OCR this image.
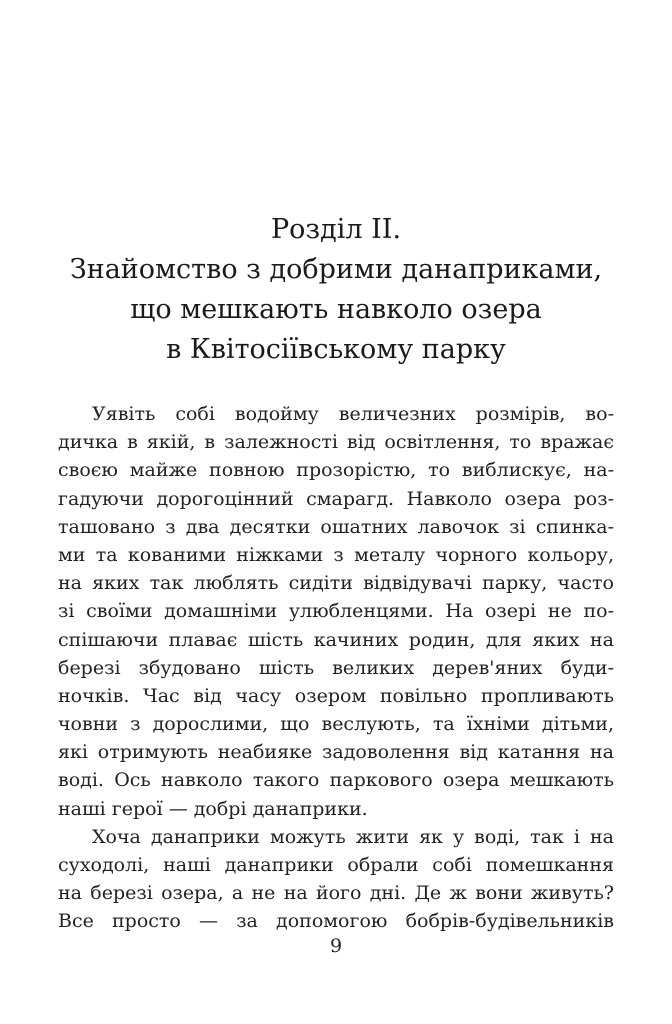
Розділ ІІ.
Знайомство з добрими данаприками,
що мешкають навколо озера
в Квітосіївському парку
Уявіть собі водойму величезних розмірів, во-
дичка в якій, в залежності від освітлення, то вражає
своєю майже повною прозорістю, то виблискує, на-
гадуючи дорогоцінний смарагд. Навколо озера роз-
ташовано з два десятки ошатних лавочок зі спинка-
ми та кованими ніжками з металу чорного кольору,
на яких так люблять сидіти відвідувачі парку, часто
зі своїми домашніми улюбленцями. На озері не по-
спішаючи плаває шість качиних родин, для яких на
березі збудовано шість великих дерев'яних буди-
ночків. Час від часу озером повільно пропливають
човни з дорослими, що веслують, та їхніми дітьми,
які отримують неабияке задоволення від катання на
воді. Ось навколо такого паркового озера мешкають
наші герої — добрі данаприки.
Хоча данаприки можуть жити як у воді, так і на
суходолі, наші данаприки обрали собі помешкання
на березі озера, а не на його дні. Де ж вони живуть?
Все просто — за допомогою бобрів-будівельників
9
